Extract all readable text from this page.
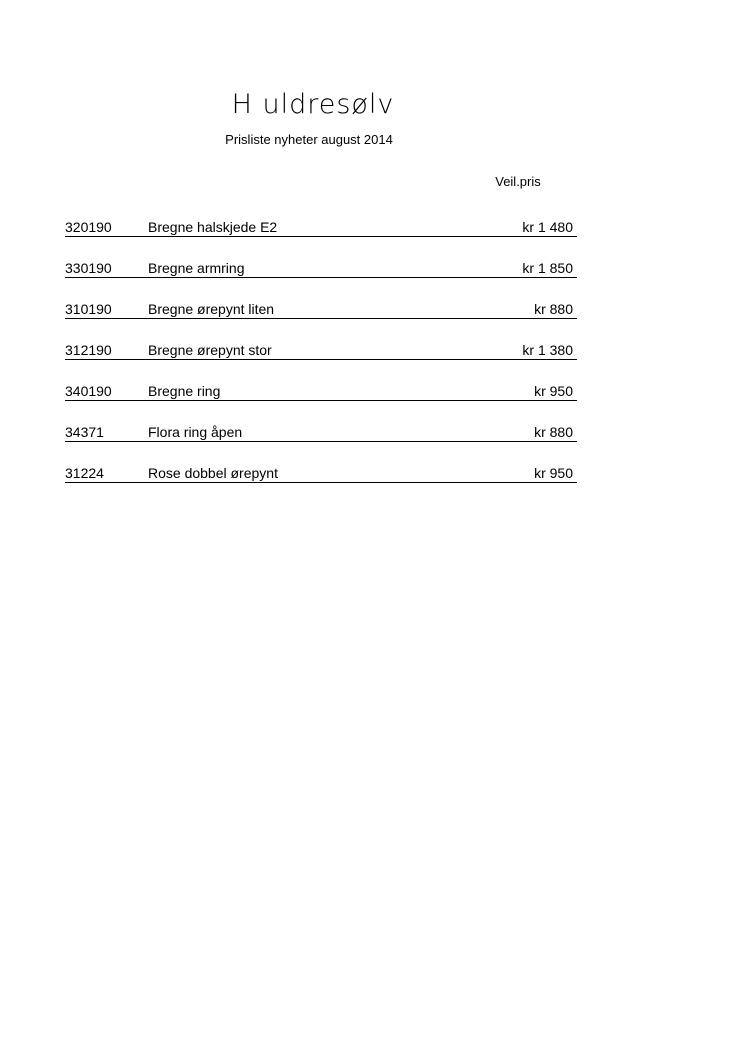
H uldresølv
Prisliste nyheter august 2014
Veil.pris
320190	Bregne halskjede E2	kr 1 480
330190	Bregne armring	kr 1 850
310190	Bregne ørepynt liten	kr 880
312190	Bregne ørepynt stor	kr 1 380
340190	Bregne ring	kr 950
34371	Flora ring åpen	kr 880
31224	Rose dobbel ørepynt	kr 950
